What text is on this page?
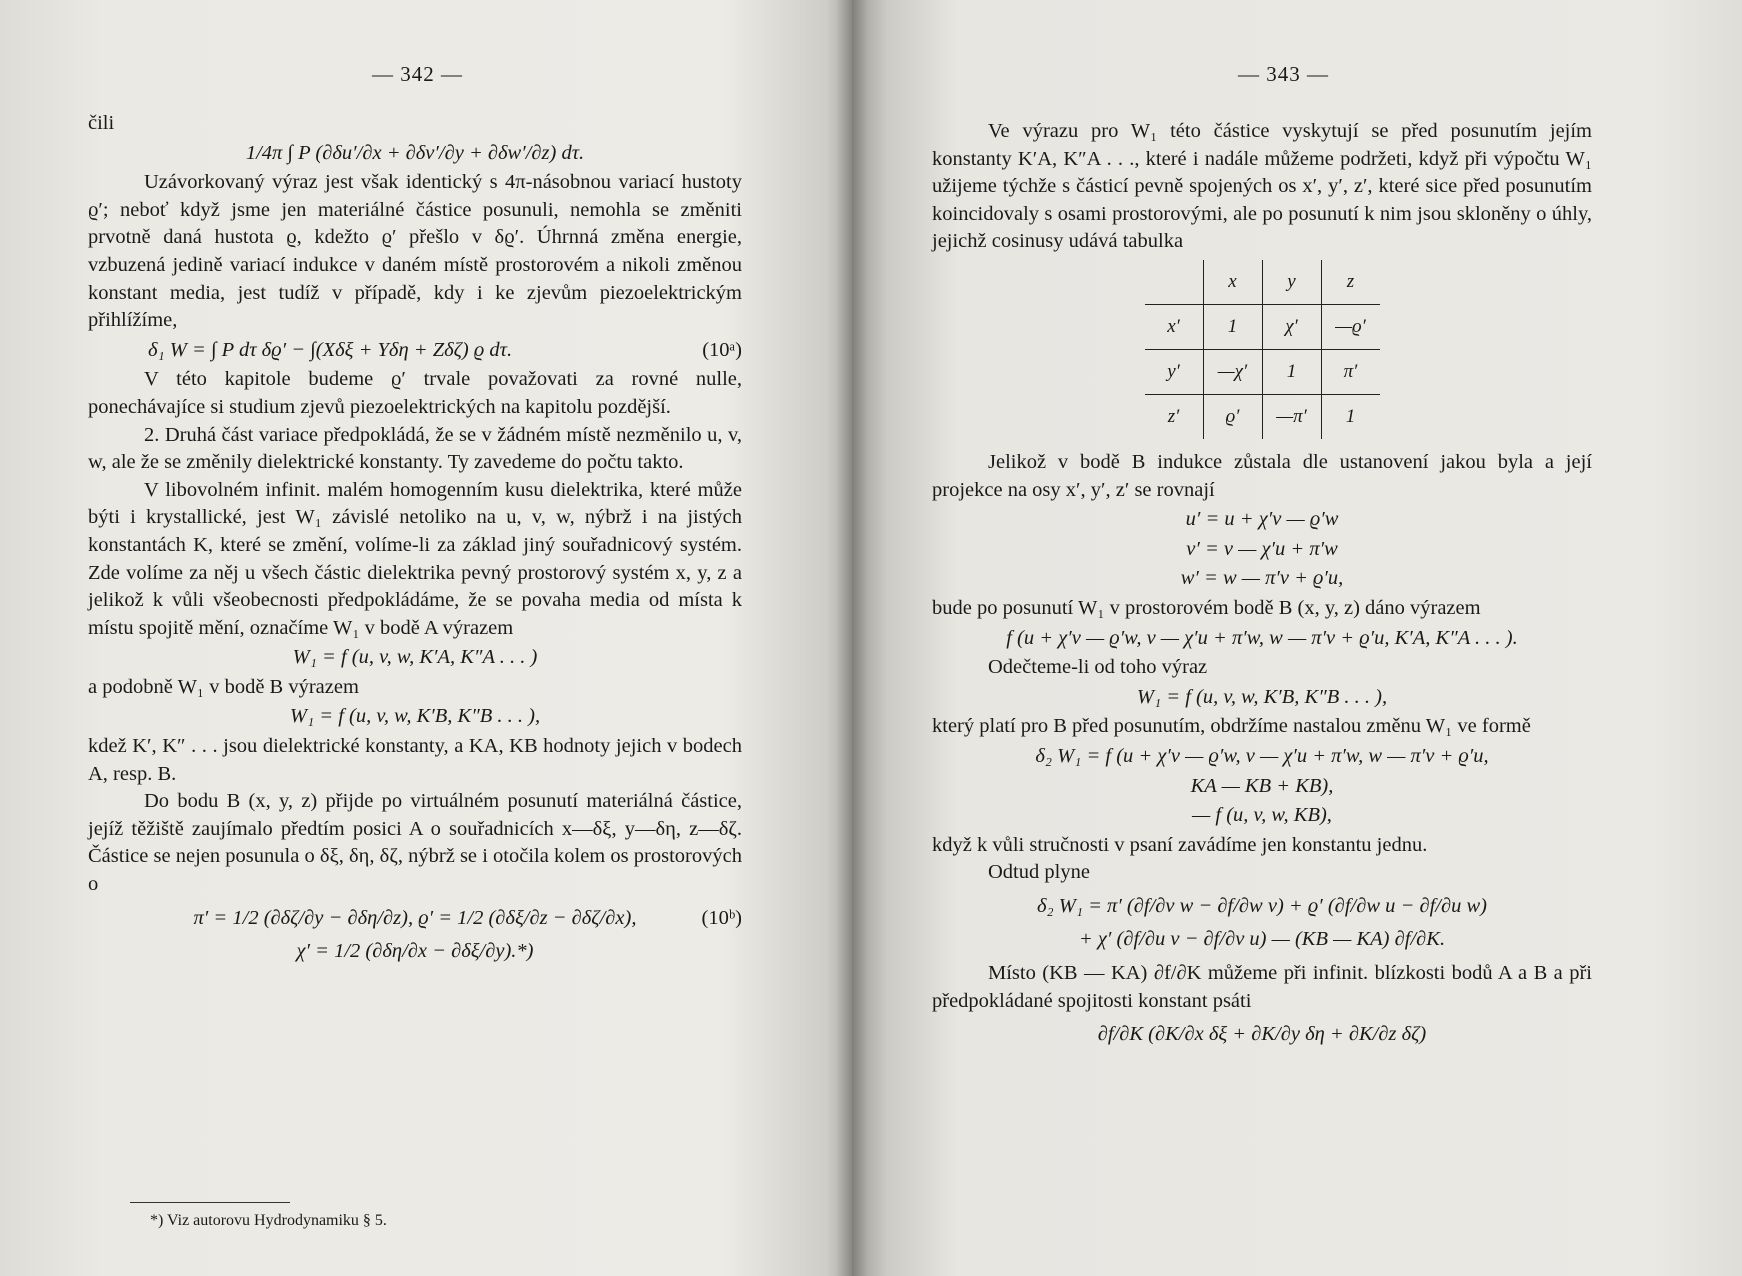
— 342 —

čili

1/4π ∫ P (∂δu′/∂x + ∂δv′/∂y + ∂δw′/∂z) dτ.

Uzávorkovaný výraz jest však identický s 4π-násobnou variací hustoty ϱ′; neboť když jsme jen materiálné částice posunuli, nemohla se změniti prvotně daná hustota ϱ, kdežto ϱ′ přešlo v δϱ′. Úhrnná změna energie, vzbuzená jedině variací indukce v daném místě prostorovém a nikoli změnou konstant media, jest tudíž v případě, kdy i ke zjevům piezoelektrickým přihlížíme,

δ₁ W = ∫ P dτ δϱ′ − ∫(Xδξ + Yδη + Zδζ) ϱ dτ.	(10ᵃ)

V této kapitole budeme ϱ′ trvale považovati za rovné nulle, ponechávajíce si studium zjevů piezoelektrických na kapitolu pozdější.

2. Druhá část variace předpokládá, že se v žádném místě nezměnilo u, v, w, ale že se změnily dielektrické konstanty. Ty zavedeme do počtu takto.

V libovolném infinit. malém homogenním kusu dielektrika, které může býti i krystallické, jest W₁ závislé netoliko na u, v, w, nýbrž i na jistých konstantách K, které se změní, volíme-li za základ jiný souřadnicový systém. Zde volíme za něj u všech částic dielektrika pevný prostorový systém x, y, z a jelikož k vůli všeobecnosti předpokládáme, že se povaha media od místa k místu spojitě mění, označíme W₁ v bodě A výrazem

W₁ = f (u, v, w, K′A, K″A . . . )

a podobně W₁ v bodě B výrazem

W₁ = f (u, v, w, K′B, K″B . . . ),

kdež K′, K″ . . . jsou dielektrické konstanty, a KA, KB hodnoty jejich v bodech A, resp. B.

Do bodu B (x, y, z) přijde po virtuálném posunutí materiálná částice, jejíž těžiště zaujímalo předtím posici A o souřadnicích x—δξ, y—δη, z—δζ. Částice se nejen posunula o δξ, δη, δζ, nýbrž se i otočila kolem os prostorových o

π′ = 1/2 (∂δζ/∂y − ∂δη/∂z), ϱ′ = 1/2 (∂δξ/∂z − ∂δζ/∂x),	(10ᵇ)
χ′ = 1/2 (∂δη/∂x − ∂δξ/∂y).*)
*) Viz autorovu Hydrodynamiku § 5.
— 343 —

Ve výrazu pro W₁ této částice vyskytují se před posunutím jejím konstanty K′A, K″A . . ., které i nadále můžeme podržeti, když při výpočtu W₁ užijeme týchže s částicí pevně spojených os x′, y′, z′, které sice před posunutím koincidovaly s osami prostorovými, ale po posunutí k nim jsou skloněny o úhly, jejichž cosinusy udává tabulka

	x	y	z
x′	1	χ′	—ϱ′
y′	—χ′	1	π′
z′	ϱ′	—π′	1

Jelikož v bodě B indukce zůstala dle ustanovení jakou byla a její projekce na osy x′, y′, z′ se rovnají

u′ = u + χ′v — ϱ′w
v′ = v — χ′u + π′w
w′ = w — π′v + ϱ′u,

bude po posunutí W₁ v prostorovém bodě B (x, y, z) dáno výrazem

f (u + χ′v — ϱ′w, v — χ′u + π′w, w — π′v + ϱ′u, K′A, K″A . . . ).

Odečteme-li od toho výraz

W₁ = f (u, v, w, K′B, K″B . . . ),

který platí pro B před posunutím, obdržíme nastalou změnu W₁ ve formě

δ₂ W₁ = f (u + χ′v — ϱ′w, v — χ′u + π′w, w — π′v + ϱ′u,
KA — KB + KB),
— f (u, v, w, KB),

když k vůli stručnosti v psaní zavádíme jen konstantu jednu.

Odtud plyne

δ₂ W₁ = π′ (∂f/∂v w − ∂f/∂w v) + ϱ′ (∂f/∂w u − ∂f/∂u w)
+ χ′ (∂f/∂u v − ∂f/∂v u) — (KB — KA) ∂f/∂K.

Místo (KB — KA) ∂f/∂K můžeme při infinit. blízkosti bodů A a B a při předpokládané spojitosti konstant psáti

∂f/∂K (∂K/∂x δξ + ∂K/∂y δη + ∂K/∂z δζ)
